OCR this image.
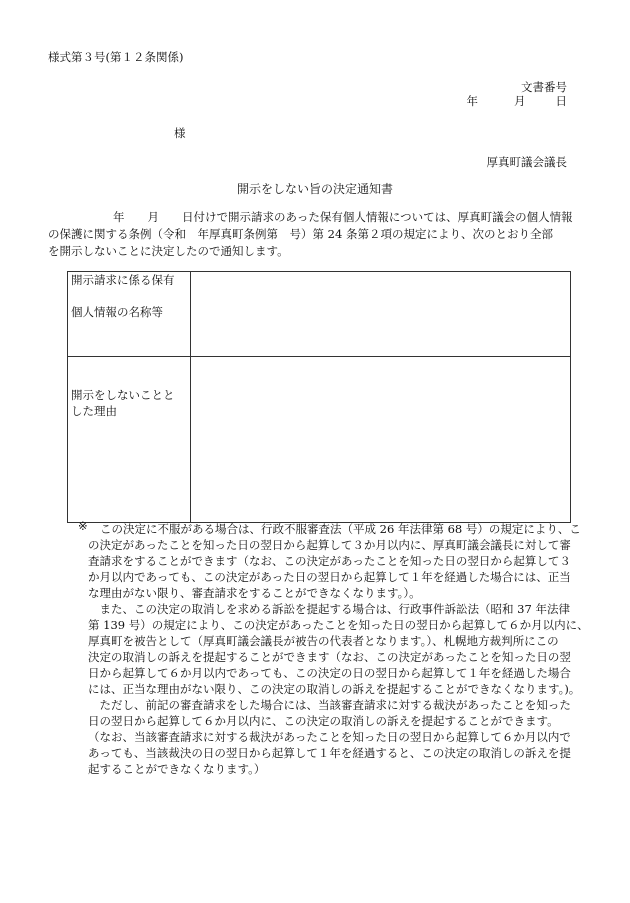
様式第３号(第１２条関係)
文書番号
年	月	日
様
厚真町議会議長
開示をしない旨の決定通知書
　　年　　月　　日付けで開示請求のあった保有個人情報については、厚真町議会の個人情報
の保護に関する条例（令和　年厚真町条例第　号）第 24 条第２項の規定により、次のとおり全部
を開示しないことに決定したので通知します。
開示請求に係る保有
個人情報の名称等	

開示をしないことと
した理由	

※ この決定に不服がある場合は、行政不服審査法（平成 26 年法律第 68 号）の規定により、こ
の決定があったことを知った日の翌日から起算して３か月以内に、厚真町議会議長に対して審
査請求をすることができます（なお、この決定があったことを知った日の翌日から起算して３
か月以内であっても、この決定があった日の翌日から起算して１年を経過した場合には、正当
な理由がない限り、審査請求をすることができなくなります。）。
　また、この決定の取消しを求める訴訟を提起する場合は、行政事件訴訟法（昭和 37 年法律
第 139 号）の規定により、この決定があったことを知った日の翌日から起算して６か月以内に、
厚真町を被告として（厚真町議会議長が被告の代表者となります。）、札幌地方裁判所にこの
決定の取消しの訴えを提起することができます（なお、この決定があったことを知った日の翌
日から起算して６か月以内であっても、この決定の日の翌日から起算して１年を経過した場合
には、正当な理由がない限り、この決定の取消しの訴えを提起することができなくなります。)。
　ただし、前記の審査請求をした場合には、当該審査請求に対する裁決があったことを知った
日の翌日から起算して６か月以内に、この決定の取消しの訴えを提起することができます。
（なお、当該審査請求に対する裁決があったことを知った日の翌日から起算して６か月以内で
あっても、当該裁決の日の翌日から起算して１年を経過すると、この決定の取消しの訴えを提
起することができなくなります。）
